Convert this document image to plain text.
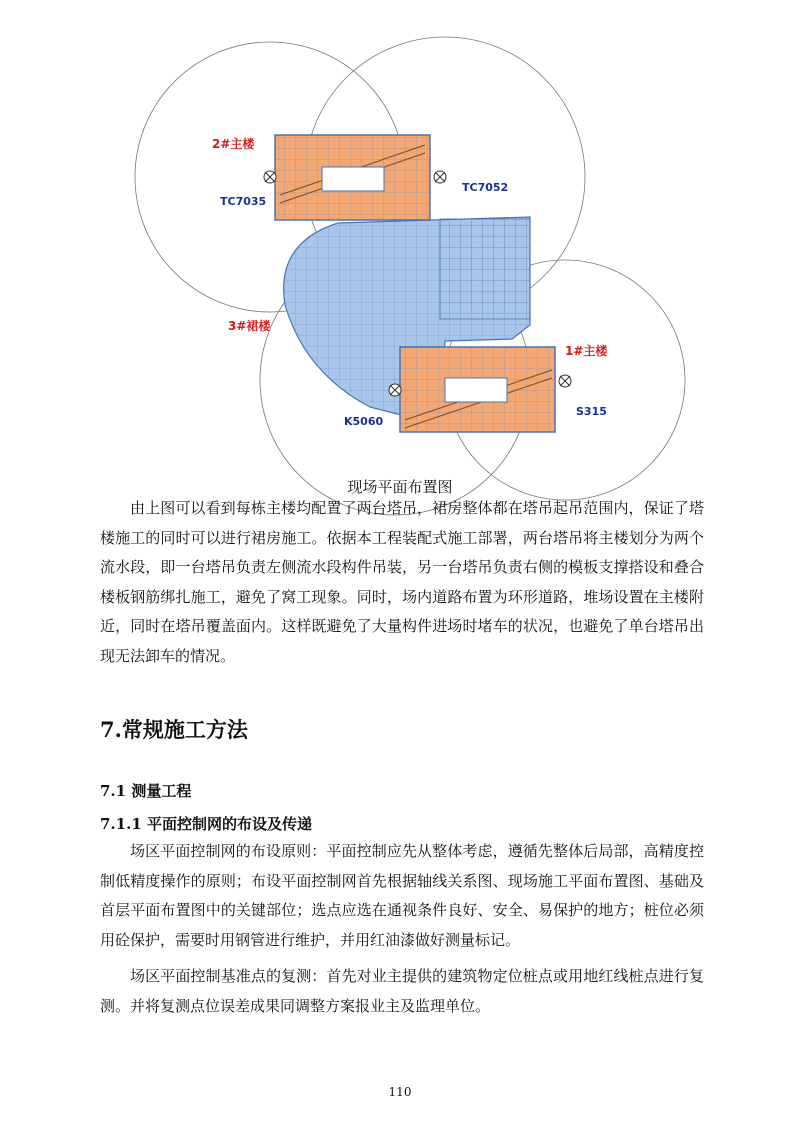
2#主楼
TC7035
TC7052
3#裙楼
1#主楼
K5060
S315
现场平面布置图

由上图可以看到每栋主楼均配置了两台塔吊，裙房整体都在塔吊起吊范围内，保证了塔楼施工的同时可以进行裙房施工。依据本工程装配式施工部署，两台塔吊将主楼划分为两个流水段，即一台塔吊负责左侧流水段构件吊装，另一台塔吊负责右侧的模板支撑搭设和叠合楼板钢筋绑扎施工，避免了窝工现象。同时，场内道路布置为环形道路，堆场设置在主楼附近，同时在塔吊覆盖面内。这样既避免了大量构件进场时堵车的状况，也避免了单台塔吊出现无法卸车的情况。

7.常规施工方法
7.1 测量工程
7.1.1 平面控制网的布设及传递

场区平面控制网的布设原则：平面控制应先从整体考虑，遵循先整体后局部，高精度控制低精度操作的原则；布设平面控制网首先根据轴线关系图、现场施工平面布置图、基础及首层平面布置图中的关键部位；选点应选在通视条件良好、安全、易保护的地方；桩位必须用砼保护，需要时用钢管进行维护，并用红油漆做好测量标记。

场区平面控制基准点的复测：首先对业主提供的建筑物定位桩点或用地红线桩点进行复测。并将复测点位误差成果同调整方案报业主及监理单位。

110
